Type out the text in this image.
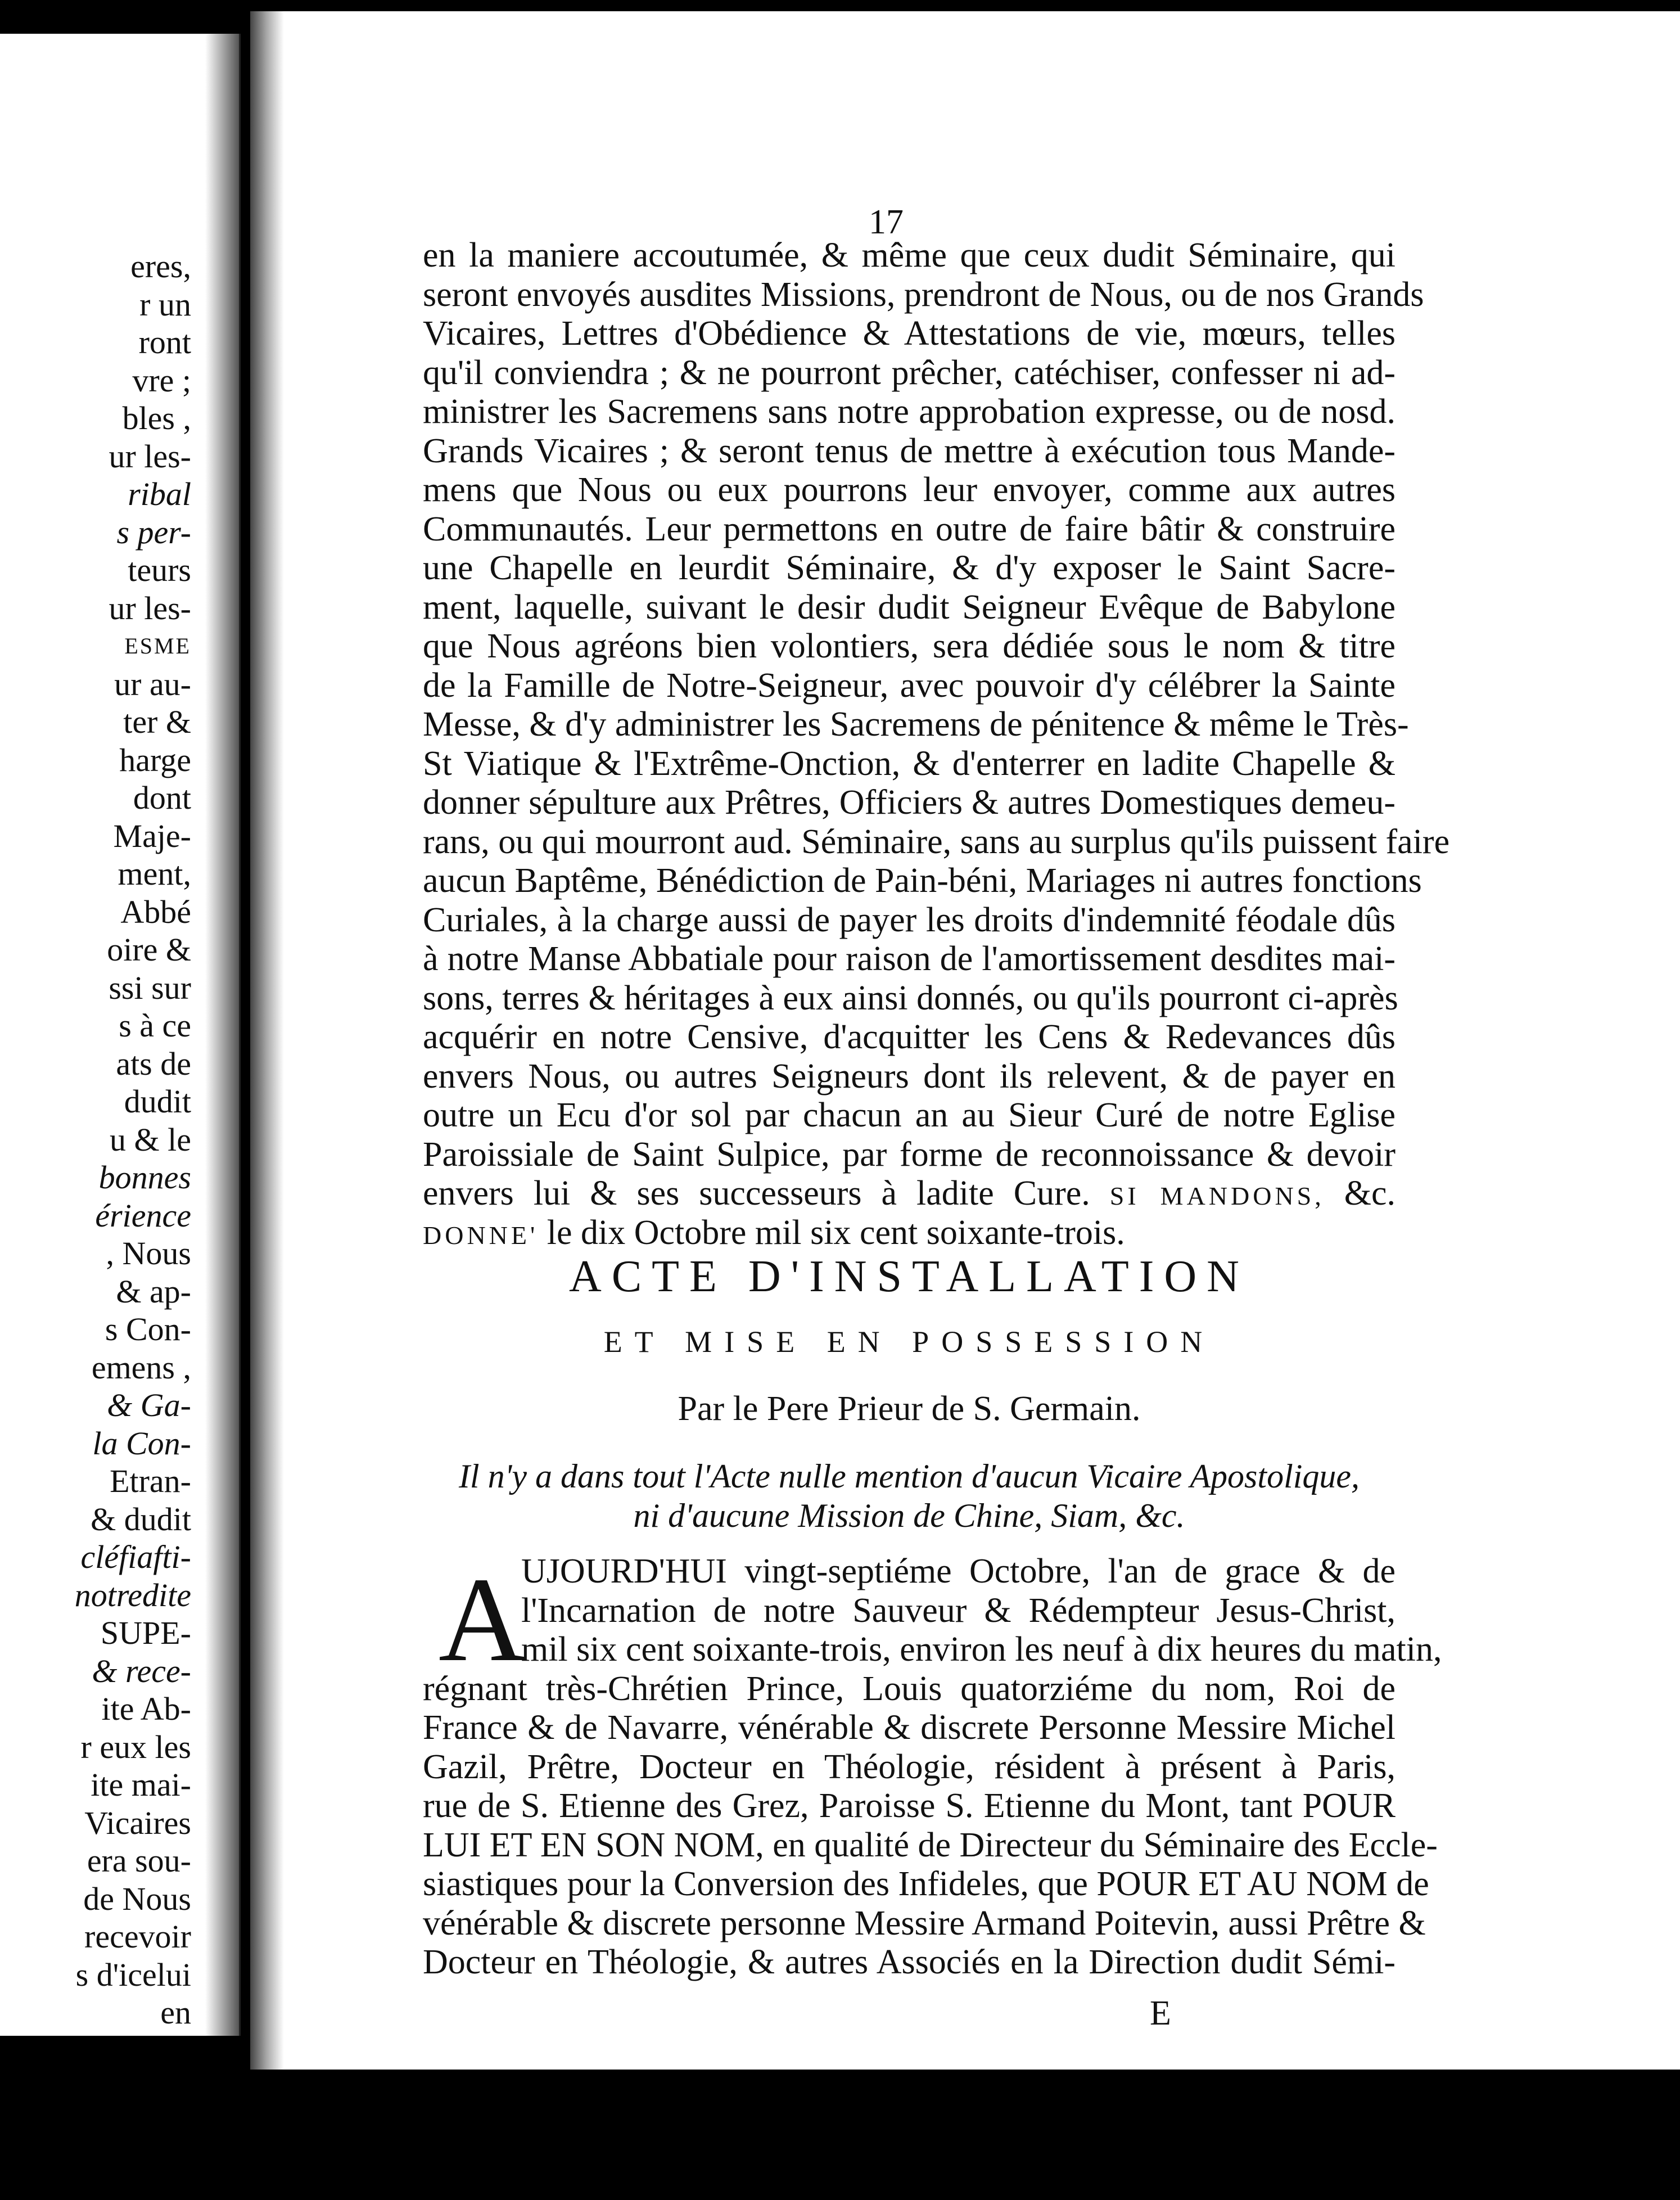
eres,
r un
ront
vre ;
bles ,
ur les-
ribal
s per-
teurs
ur les-
ESME
ur au-
ter &
harge
dont
Maje-
ment,
Abbé
oire &
ssi sur
s à ce
ats de
dudit
u & le
bonnes
érience
, Nous
& ap-
s Con-
emens ,
& Ga-
la Con-
Etran-
& dudit
cléfiafti-
notredite
SUPE-
& rece-
ite Ab-
r eux les
ite mai-
Vicaires
era sou-
de Nous
recevoir
s d'icelui
en
17
en la maniere accoutumée, & même que ceux dudit Séminaire, qui
seront envoyés ausdites Missions, prendront de Nous, ou de nos Grands
Vicaires, Lettres d'Obédience & Attestations de vie, mœurs, telles
qu'il conviendra ; & ne pourront prêcher, catéchiser, confesser ni ad-
ministrer les Sacremens sans notre approbation expresse, ou de nosd.
Grands Vicaires ; & seront tenus de mettre à exécution tous Mande-
mens que Nous ou eux pourrons leur envoyer, comme aux autres
Communautés. Leur permettons en outre de faire bâtir & construire
une Chapelle en leurdit Séminaire, & d'y exposer le Saint Sacre-
ment, laquelle, suivant le desir dudit Seigneur Evêque de Babylone
que Nous agréons bien volontiers, sera dédiée sous le nom & titre
de la Famille de Notre-Seigneur, avec pouvoir d'y célébrer la Sainte
Messe, & d'y administrer les Sacremens de pénitence & même le Très-
St Viatique & l'Extrême-Onction, & d'enterrer en ladite Chapelle &
donner sépulture aux Prêtres, Officiers & autres Domestiques demeu-
rans, ou qui mourront aud. Séminaire, sans au surplus qu'ils puissent faire
aucun Baptême, Bénédiction de Pain-béni, Mariages ni autres fonctions
Curiales, à la charge aussi de payer les droits d'indemnité féodale dûs
à notre Manse Abbatiale pour raison de l'amortissement desdites mai-
sons, terres & héritages à eux ainsi donnés, ou qu'ils pourront ci-après
acquérir en notre Censive, d'acquitter les Cens & Redevances dûs
envers Nous, ou autres Seigneurs dont ils relevent, & de payer en
outre un Ecu d'or sol par chacun an au Sieur Curé de notre Eglise
Paroissiale de Saint Sulpice, par forme de reconnoissance & devoir
envers lui & ses successeurs à ladite Cure. SI MANDONS, &c.
DONNE' le dix Octobre mil six cent soixante-trois.
ACTE D'INSTALLATION
ET MISE EN POSSESSION
Par le Pere Prieur de S. Germain.
Il n'y a dans tout l'Acte nulle mention d'aucun Vicaire Apostolique,
ni d'aucune Mission de Chine, Siam, &c.
A
UJOURD'HUI vingt-septiéme Octobre, l'an de grace & de
l'Incarnation de notre Sauveur & Rédempteur Jesus-Christ,
mil six cent soixante-trois, environ les neuf à dix heures du matin,
régnant très-Chrétien Prince, Louis quatorziéme du nom, Roi de
France & de Navarre, vénérable & discrete Personne Messire Michel
Gazil, Prêtre, Docteur en Théologie, résident à présent à Paris,
rue de S. Etienne des Grez, Paroisse S. Etienne du Mont, tant POUR
LUI ET EN SON NOM, en qualité de Directeur du Séminaire des Eccle-
siastiques pour la Conversion des Infideles, que POUR ET AU NOM de
vénérable & discrete personne Messire Armand Poitevin, aussi Prêtre &
Docteur en Théologie, & autres Associés en la Direction dudit Sémi-
E
